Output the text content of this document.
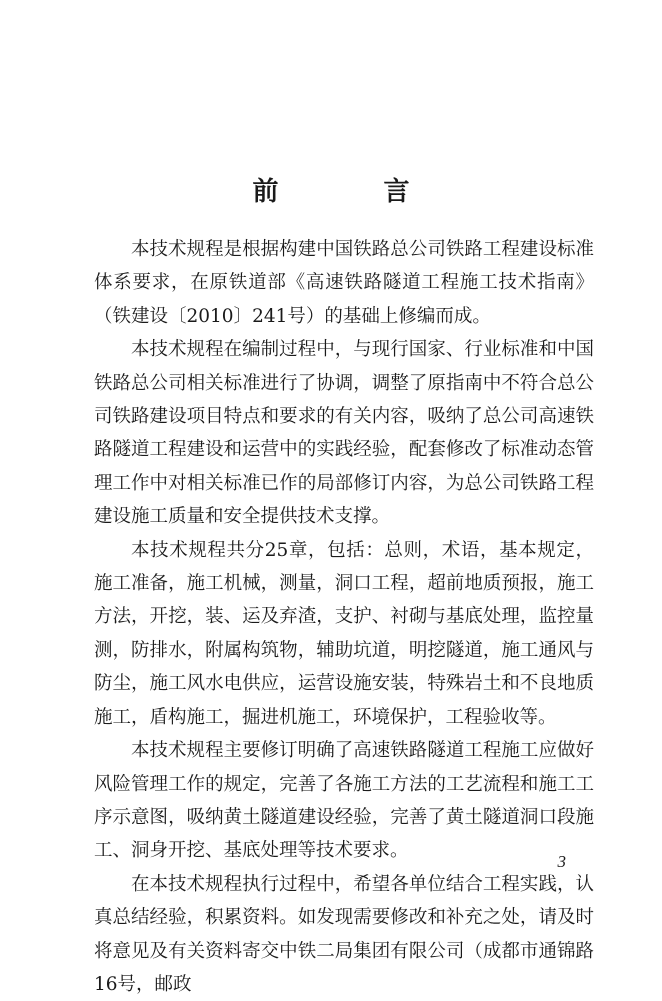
前 言

本技术规程是根据构建中国铁路总公司铁路工程建设标准体系要求，在原铁道部《高速铁路隧道工程施工技术指南》（铁建设〔2010〕241号）的基础上修编而成。

本技术规程在编制过程中，与现行国家、行业标准和中国铁路总公司相关标准进行了协调，调整了原指南中不符合总公司铁路建设项目特点和要求的有关内容，吸纳了总公司高速铁路隧道工程建设和运营中的实践经验，配套修改了标准动态管理工作中对相关标准已作的局部修订内容，为总公司铁路工程建设施工质量和安全提供技术支撑。

本技术规程共分25章，包括：总则，术语，基本规定，施工准备，施工机械，测量，洞口工程，超前地质预报，施工方法，开挖，装、运及弃渣，支护、衬砌与基底处理，监控量测，防排水，附属构筑物，辅助坑道，明挖隧道，施工通风与防尘，施工风水电供应，运营设施安装，特殊岩土和不良地质施工，盾构施工，掘进机施工，环境保护，工程验收等。

本技术规程主要修订明确了高速铁路隧道工程施工应做好风险管理工作的规定，完善了各施工方法的工艺流程和施工工序示意图，吸纳黄土隧道建设经验，完善了黄土隧道洞口段施工、洞身开挖、基底处理等技术要求。

在本技术规程执行过程中，希望各单位结合工程实践，认真总结经验，积累资料。如发现需要修改和补充之处，请及时将意见及有关资料寄交中铁二局集团有限公司（成都市通锦路16号，邮政

3
